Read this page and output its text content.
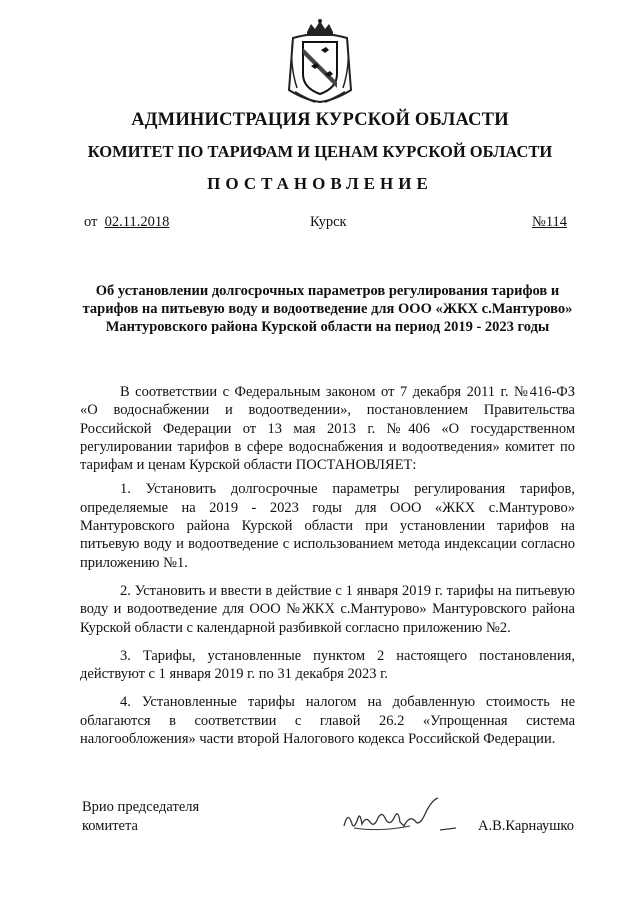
АДМИНИСТРАЦИЯ КУРСКОЙ ОБЛАСТИ
КОМИТЕТ ПО ТАРИФАМ И ЦЕНАМ КУРСКОЙ ОБЛАСТИ
ПОСТАНОВЛЕНИЕ
от 02.11.2018	Курск	№114
Об установлении долгосрочных параметров регулирования тарифов и тарифов на питьевую воду и водоотведение для ООО «ЖКХ с.Мантурово» Мантуровского района Курской области на период 2019 - 2023 годы

В соответствии с Федеральным законом от 7 декабря 2011 г. №416-ФЗ «О водоснабжении и водоотведении», постановлением Правительства Российской Федерации от 13 мая 2013 г. №406 «О государственном регулировании тарифов в сфере водоснабжения и водоотведения» комитет по тарифам и ценам Курской области ПОСТАНОВЛЯЕТ:

1. Установить долгосрочные параметры регулирования тарифов, определяемые на 2019 - 2023 годы для ООО «ЖКХ с.Мантурово» Мантуровского района Курской области при установлении тарифов на питьевую воду и водоотведение с использованием метода индексации согласно приложению №1.

2. Установить и ввести в действие с 1 января 2019 г. тарифы на питьевую воду и водоотведение для ООО №ЖКХ с.Мантурово» Мантуровского района Курской области с календарной разбивкой согласно приложению №2.

3. Тарифы, установленные пунктом 2 настоящего постановления, действуют с 1 января 2019 г. по 31 декабря 2023 г.

4. Установленные тарифы налогом на добавленную стоимость не облагаются в соответствии с главой 26.2 «Упрощенная система налогообложения» части второй Налогового кодекса Российской Федерации.

Врио председателя
комитета	А.В.Карнаушко
